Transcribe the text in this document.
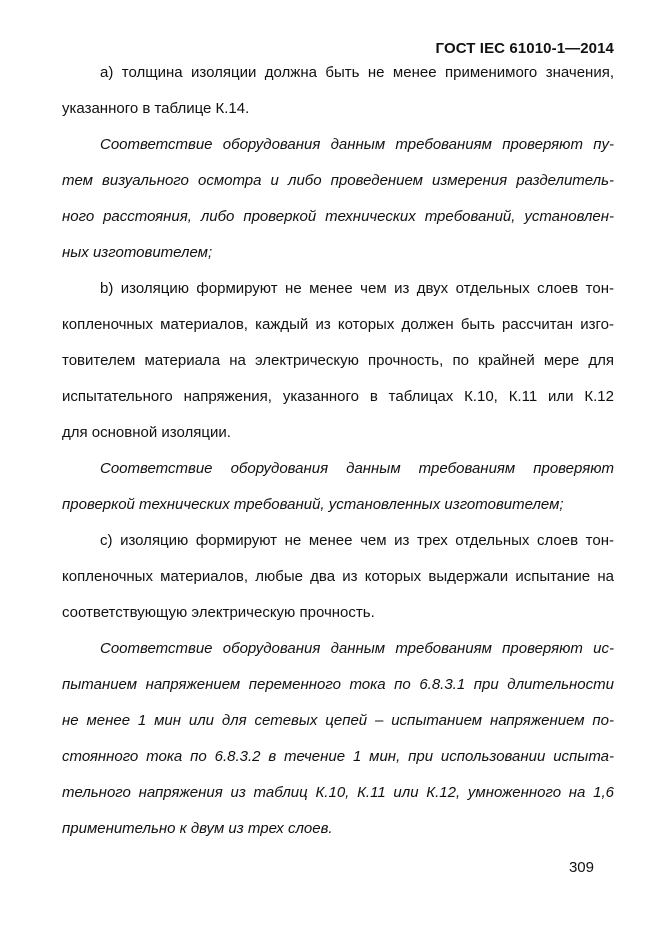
ГОСТ IEC 61010-1—2014
а) толщина изоляции должна быть не менее применимого значения,
указанного в таблице К.14.
Соответствие оборудования данным требованиям проверяют пу-
тем визуального осмотра и либо проведением измерения разделитель-
ного расстояния, либо проверкой технических требований, установлен-
ных изготовителем;
b) изоляцию формируют не менее чем из двух отдельных слоев тон-
копленочных материалов, каждый из которых должен быть рассчитан изго-
товителем материала на электрическую прочность, по крайней мере для
испытательного напряжения, указанного в таблицах К.10, К.11 или К.12
для основной изоляции.
Соответствие оборудования данным требованиям проверяют
проверкой технических требований, установленных изготовителем;
с) изоляцию формируют не менее чем из трех отдельных слоев тон-
копленочных материалов, любые два из которых выдержали испытание на
соответствующую электрическую прочность.
Соответствие оборудования данным требованиям проверяют ис-
пытанием напряжением переменного тока по 6.8.3.1 при длительности
не менее 1 мин или для сетевых цепей – испытанием напряжением по-
стоянного тока по 6.8.3.2 в течение 1 мин, при использовании испыта-
тельного напряжения из таблиц К.10, К.11 или К.12, умноженного на 1,6
применительно к двум из трех слоев.
309
